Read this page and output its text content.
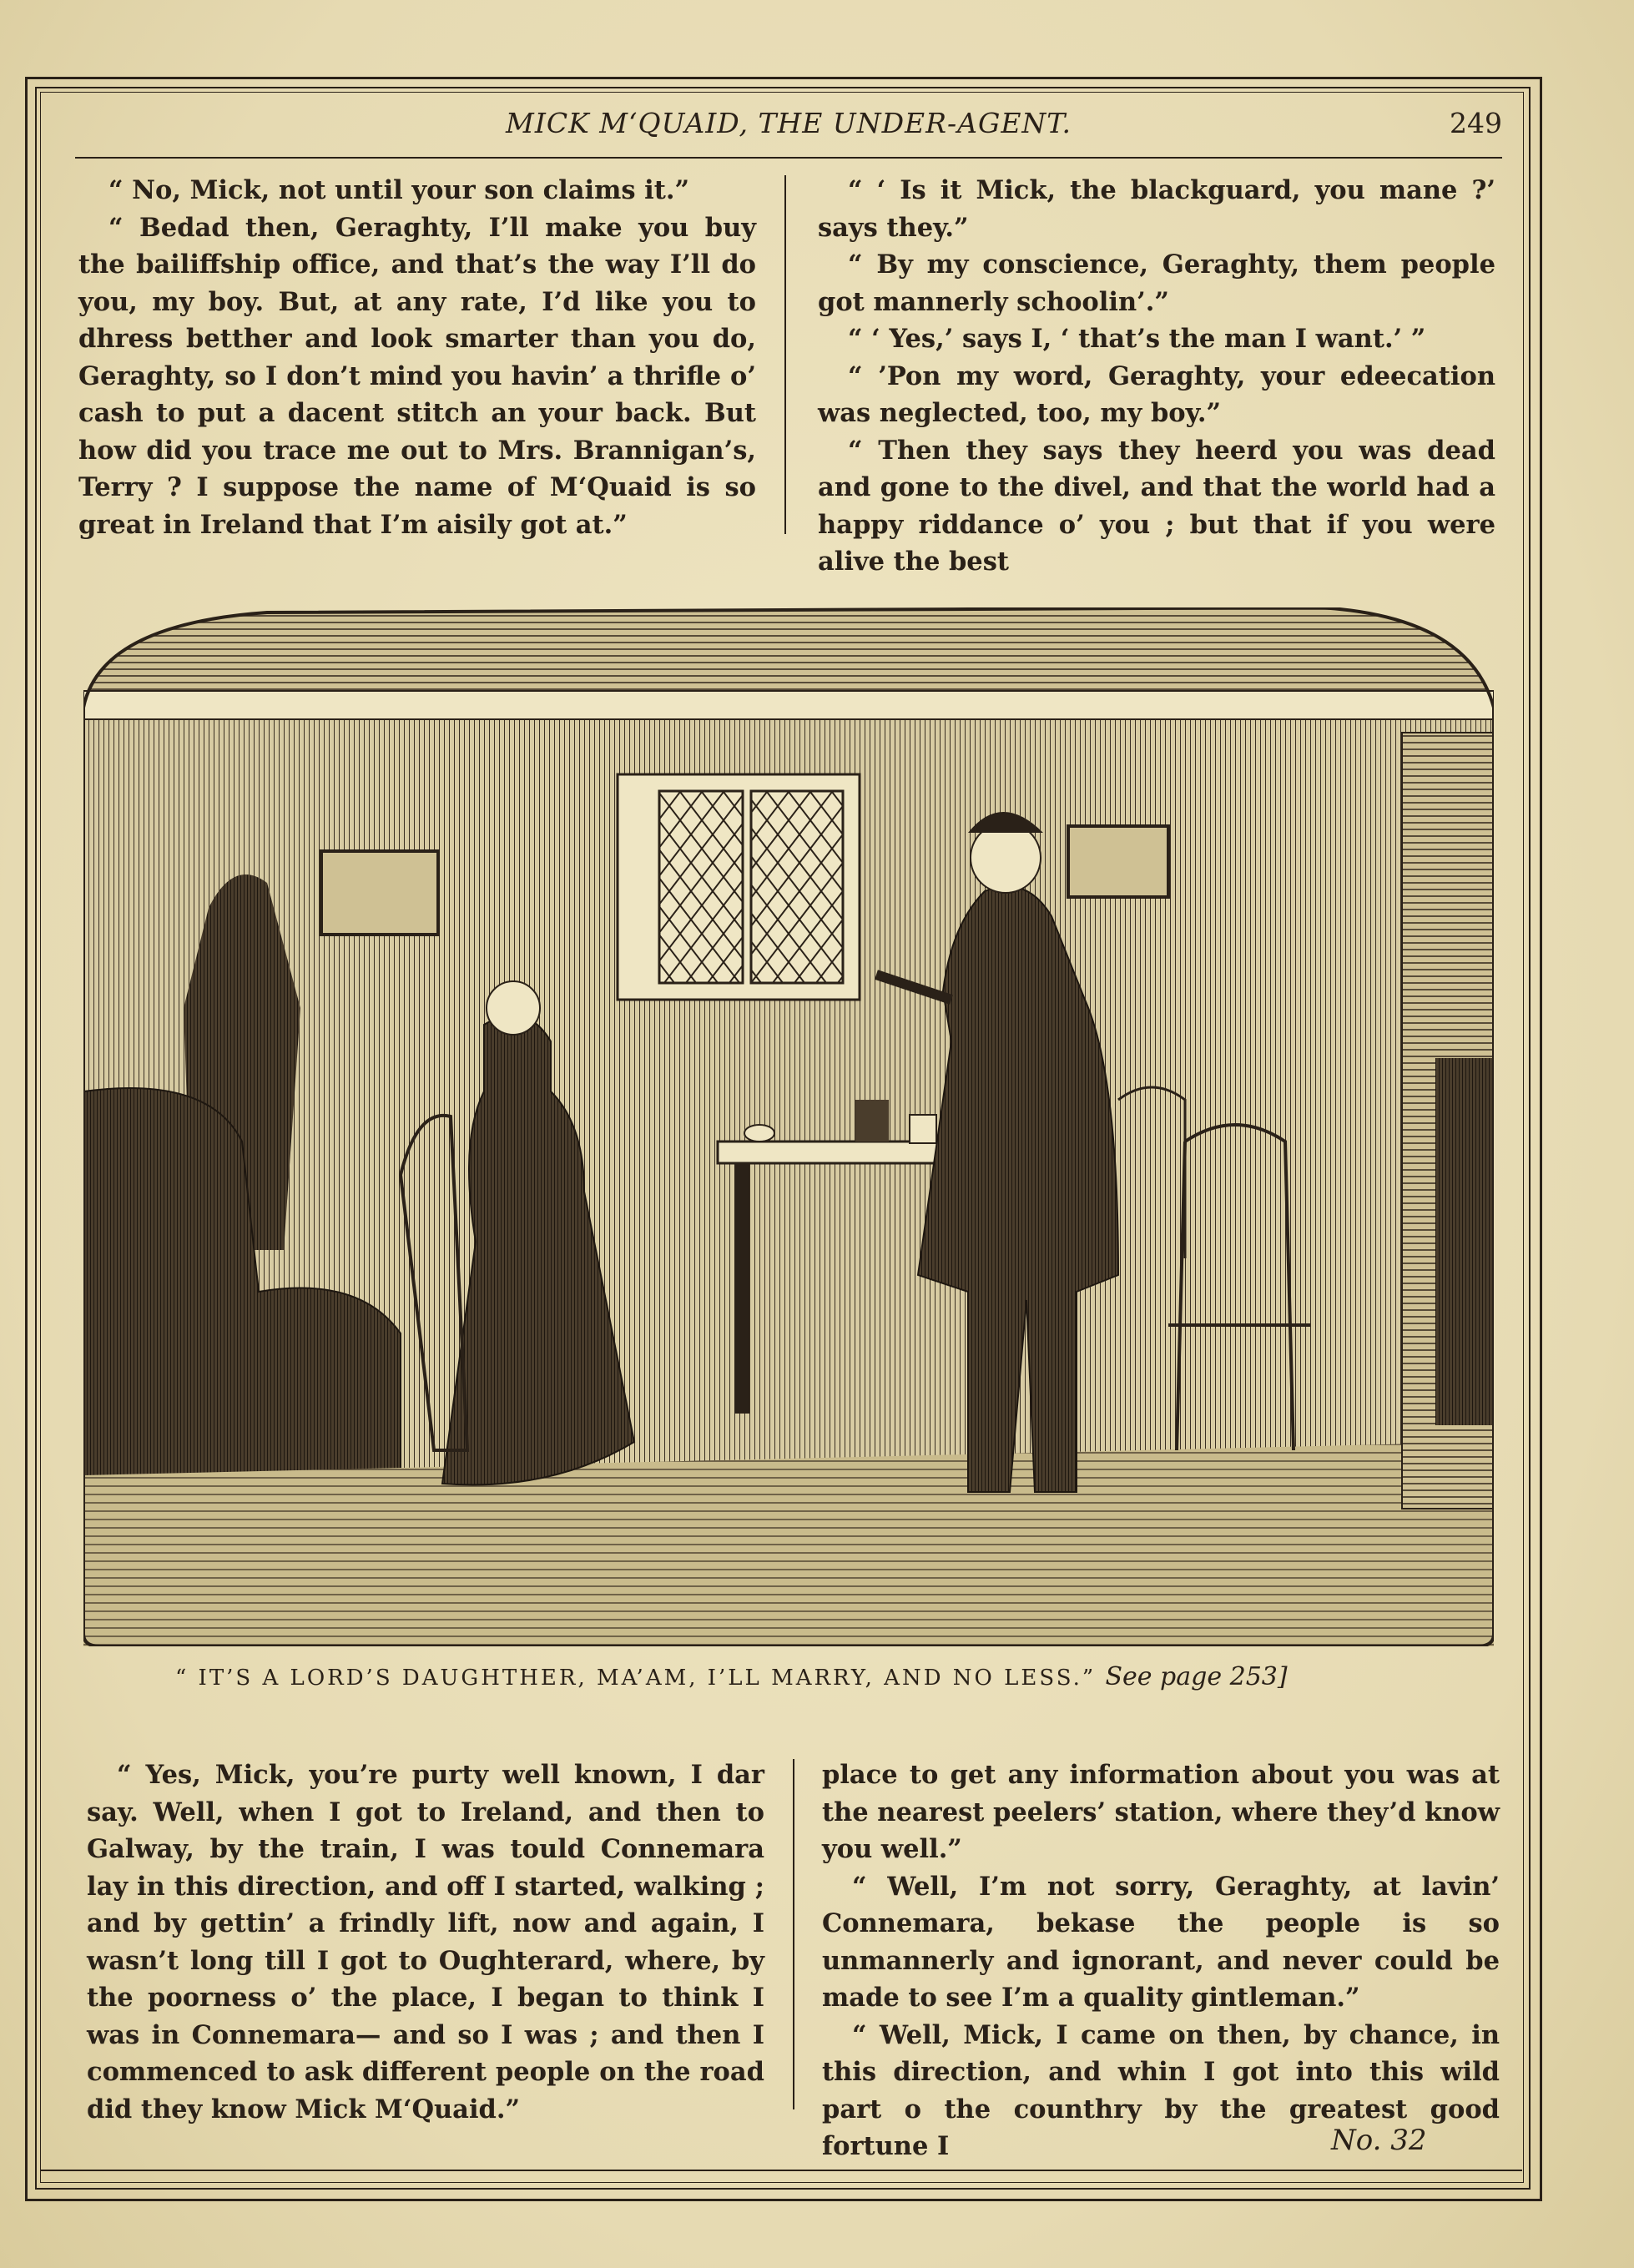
MICK M‘QUAID, THE UNDER-AGENT.	249

“ No, Mick, not until your son claims it.”

“ Bedad then, Geraghty, I’ll make you buy the bailiffship office, and that’s the way I’ll do you, my boy. But, at any rate, I’d like you to dhress betther and look smarter than you do, Geraghty, so I don’t mind you havin’ a thrifle o’ cash to put a dacent stitch an your back. But how did you trace me out to Mrs. Brannigan’s, Terry ? I suppose the name of M‘Quaid is so great in Ireland that I’m aisily got at.”

“ ‘ Is it Mick, the blackguard, you mane ?’ says they.”

“ By my conscience, Geraghty, them people got mannerly schoolin’.”

“ ‘ Yes,’ says I, ‘ that’s the man I want.’ ”

“ ’Pon my word, Geraghty, your edeecation was neglected, too, my boy.”

“ Then they says they heerd you was dead and gone to the divel, and that the world had a happy riddance o’ you ; but that if you were alive the best

“ IT’S A LORD’S DAUGHTHER, MA’AM, I’LL MARRY, AND NO LESS.” See page 253]

“ Yes, Mick, you’re purty well known, I dar say. Well, when I got to Ireland, and then to Galway, by the train, I was tould Connemara lay in this direction, and off I started, walking ; and by gettin’ a frindly lift, now and again, I wasn’t long till I got to Oughterard, where, by the poorness o’ the place, I began to think I was in Connemara— and so I was ; and then I commenced to ask different people on the road did they know Mick M‘Quaid.”

place to get any information about you was at the nearest peelers’ station, where they’d know you well.”

“ Well, I’m not sorry, Geraghty, at lavin’ Connemara, bekase the people is so unmannerly and ignorant, and never could be made to see I’m a quality gintleman.”

“ Well, Mick, I came on then, by chance, in this direction, and whin I got into this wild part o the counthry by the greatest good fortune I	No. 32
